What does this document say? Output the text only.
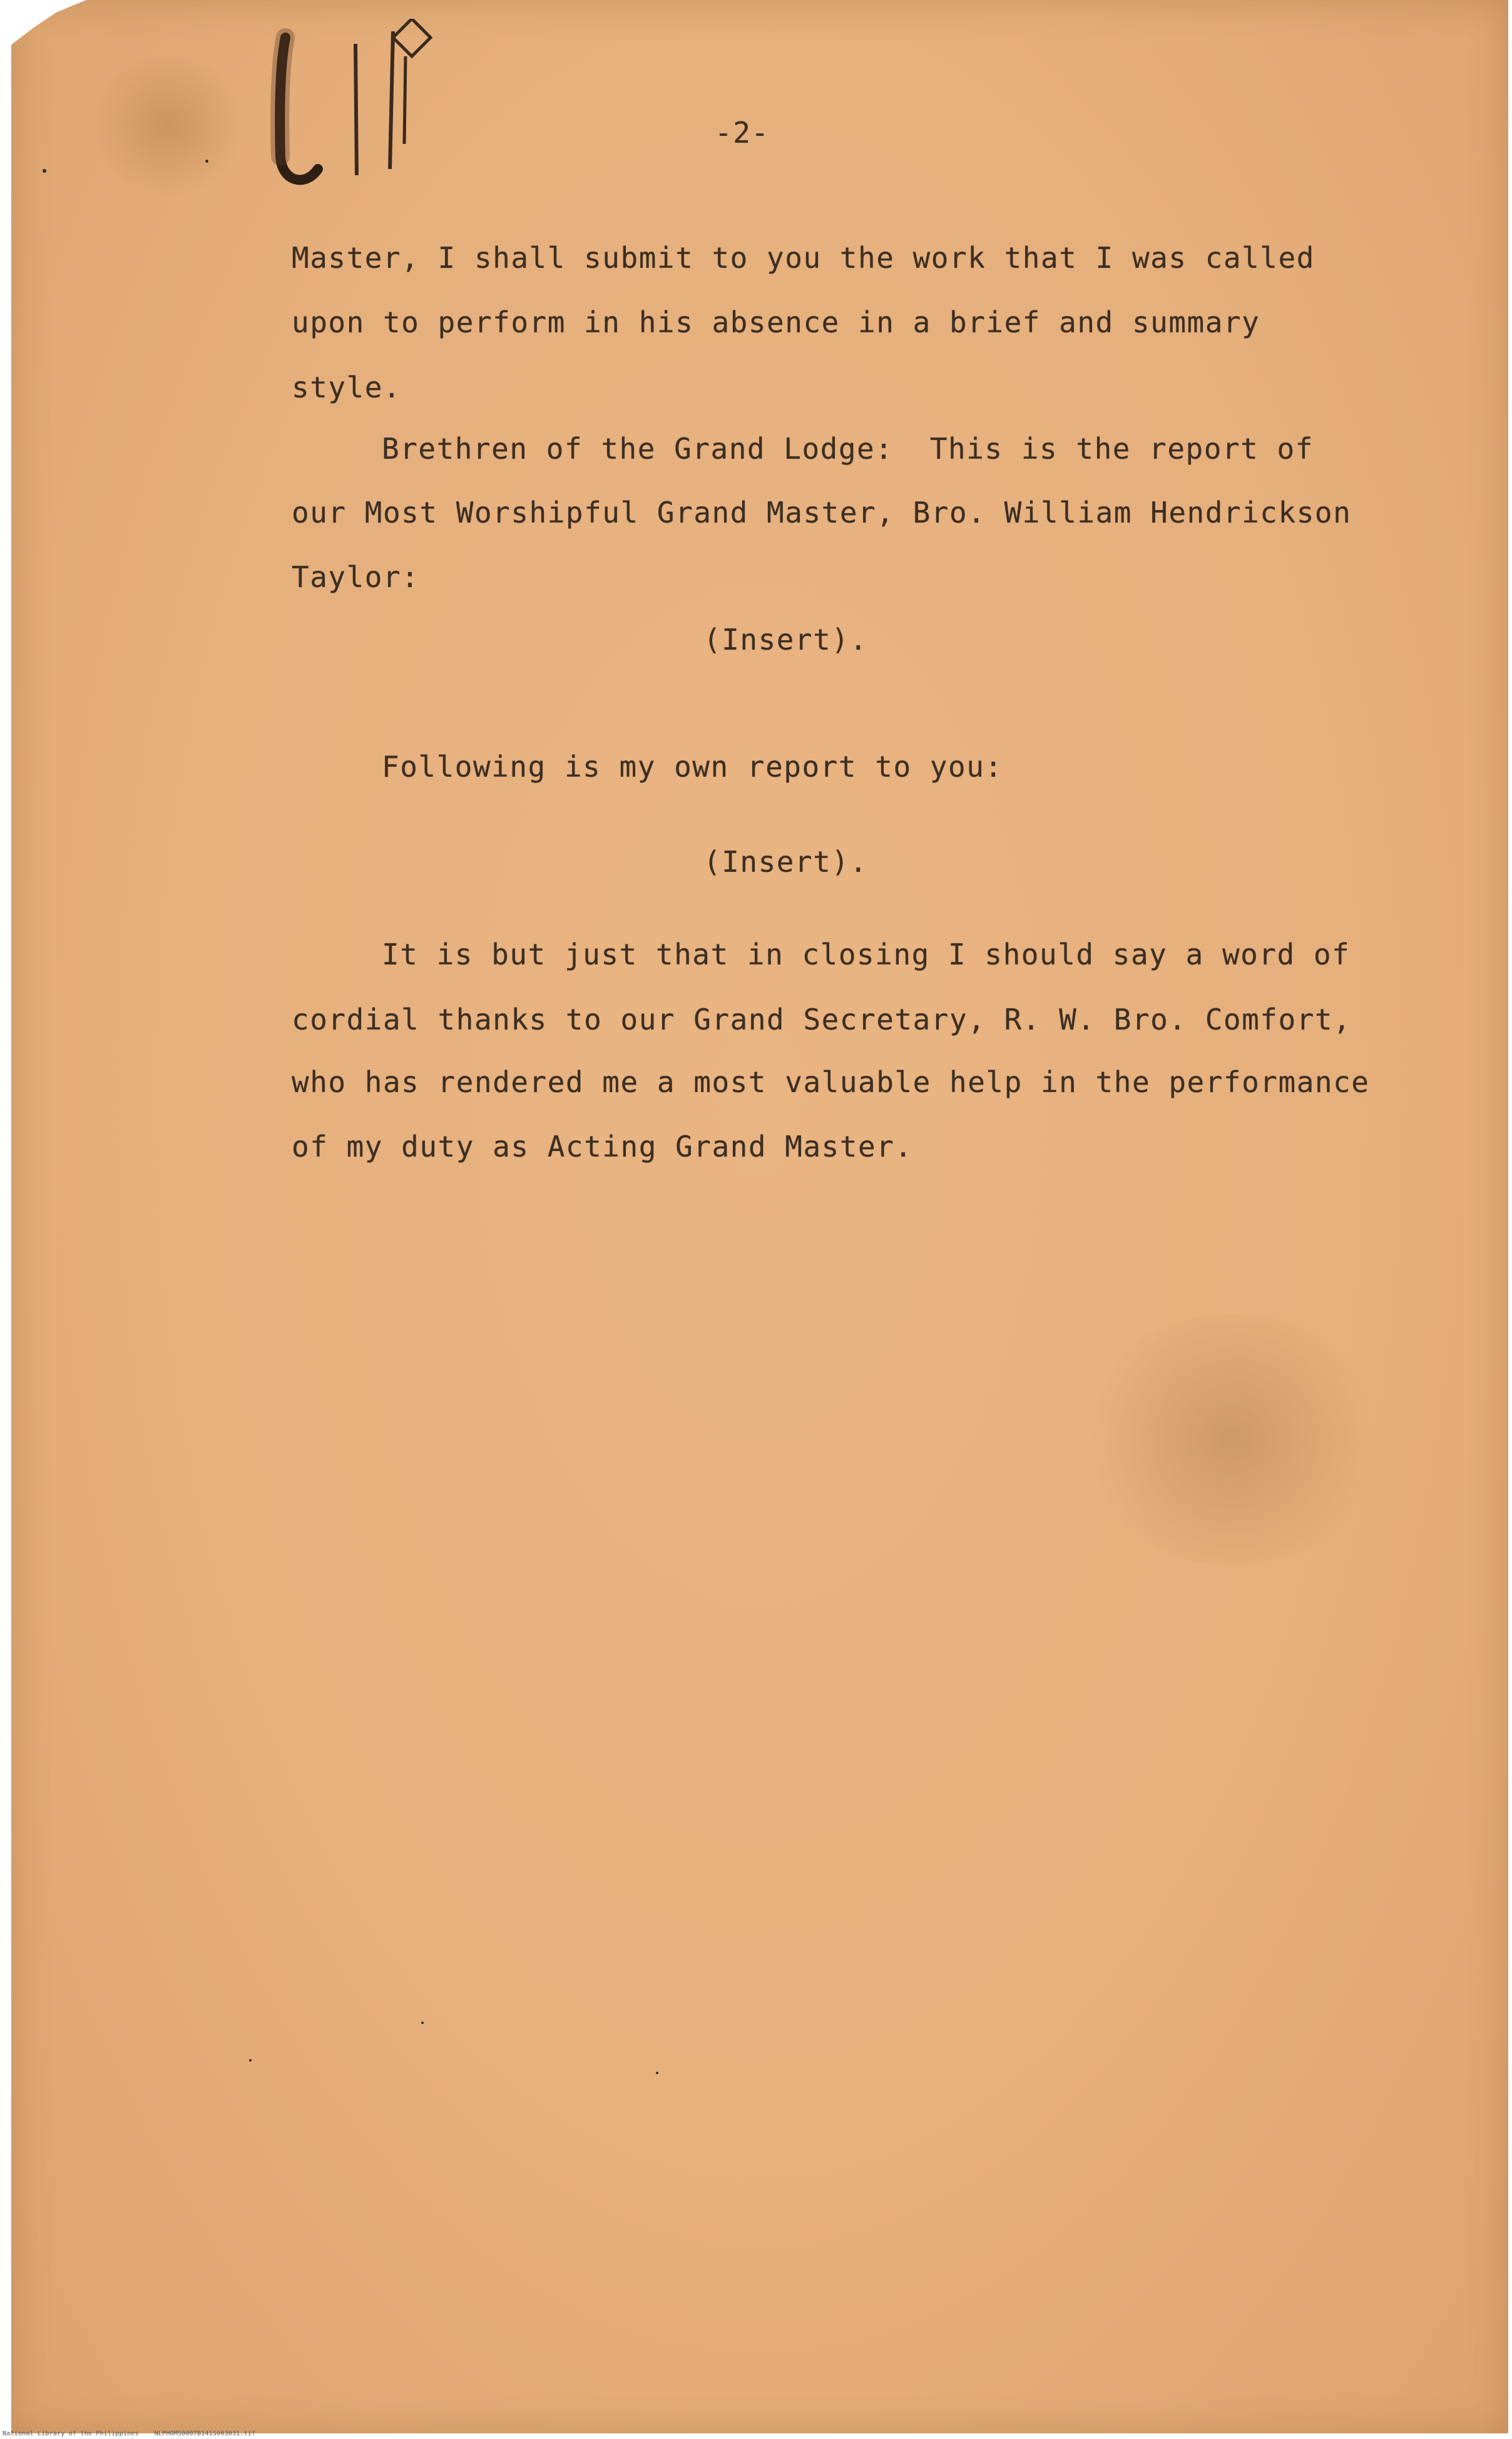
-2-
Master, I shall submit to you the work that I was called
upon to perform in his absence in a brief and summary
style.
Brethren of the Grand Lodge:  This is the report of
our Most Worshipful Grand Master, Bro. William Hendrickson
Taylor:
(Insert).
Following is my own report to you:
(Insert).
It is but just that in closing I should say a word of
cordial thanks to our Grand Secretary, R. W. Bro. Comfort,
who has rendered me a most valuable help in the performance
of my duty as Acting Grand Master.
National Library of the Philippines    NLPHOMS0007B141S003031.tif
